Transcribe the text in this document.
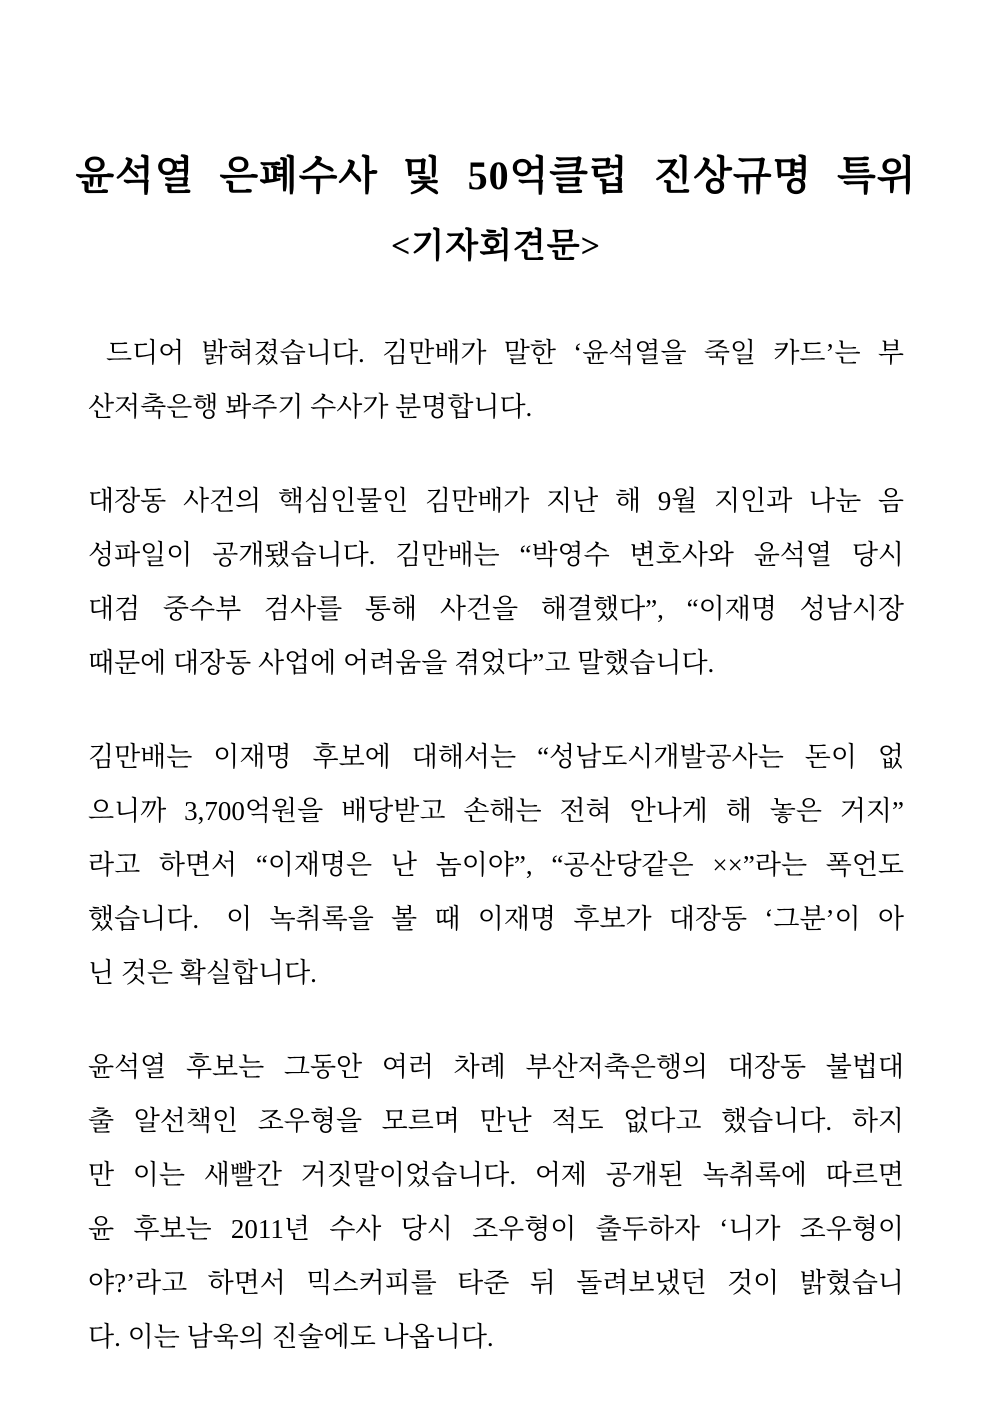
윤석열 은폐수사 및 50억클럽 진상규명 특위
<기자회견문>
드디어 밝혀졌습니다. 김만배가 말한 ‘윤석열을 죽일 카드’는 부
산저축은행 봐주기 수사가 분명합니다.
대장동 사건의 핵심인물인 김만배가 지난 해 9월 지인과 나눈 음
성파일이 공개됐습니다. 김만배는 “박영수 변호사와 윤석열 당시
대검 중수부 검사를 통해 사건을 해결했다”, “이재명 성남시장
때문에 대장동 사업에 어려움을 겪었다”고 말했습니다.
김만배는 이재명 후보에 대해서는 “성남도시개발공사는 돈이 없
으니까 3,700억원을 배당받고 손해는 전혀 안나게 해 놓은 거지”
라고 하면서 “이재명은 난 놈이야”, “공산당같은 ××”라는 폭언도
했습니다. 이 녹취록을 볼 때 이재명 후보가 대장동 ‘그분’이 아
닌 것은 확실합니다.
윤석열 후보는 그동안 여러 차례 부산저축은행의 대장동 불법대
출 알선책인 조우형을 모르며 만난 적도 없다고 했습니다. 하지
만 이는 새빨간 거짓말이었습니다. 어제 공개된 녹취록에 따르면
윤 후보는 2011년 수사 당시 조우형이 출두하자 ‘니가 조우형이
야?’라고 하면서 믹스커피를 타준 뒤 돌려보냈던 것이 밝혔습니
다. 이는 남욱의 진술에도 나옵니다.
